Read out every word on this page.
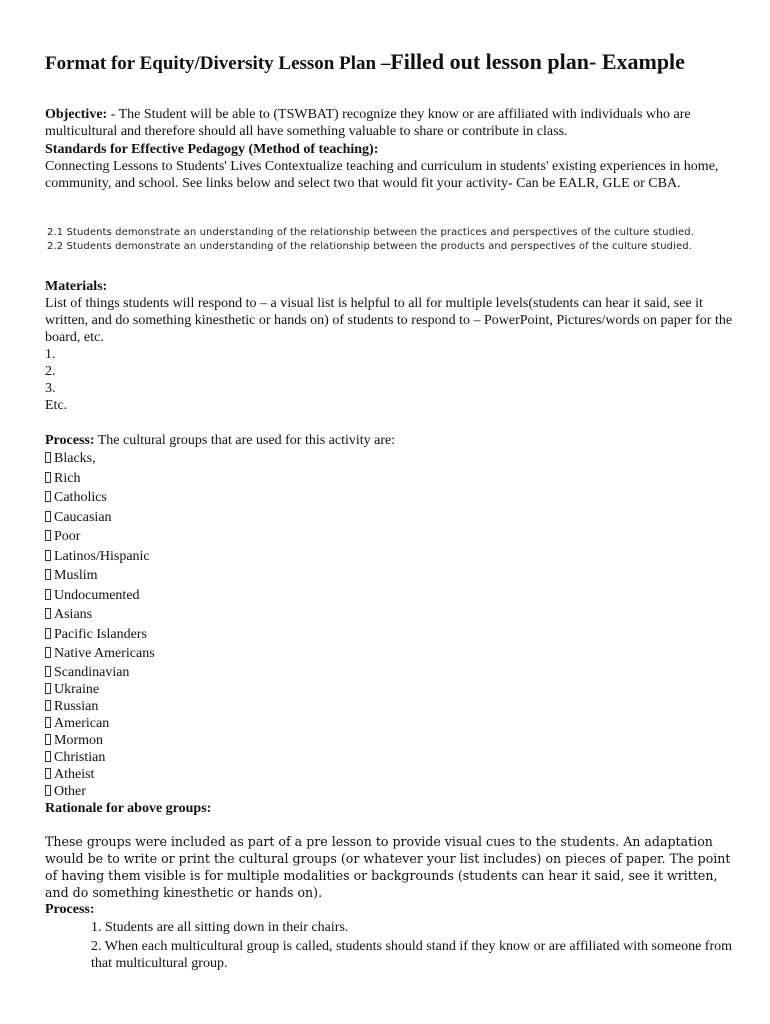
Format for Equity/Diversity Lesson Plan –Filled out lesson plan- Example
Objective: - The Student will be able to (TSWBAT) recognize they know or are affiliated with individuals who are multicultural and therefore should all have something valuable to share or contribute in class.
Standards for Effective Pedagogy (Method of teaching):
Connecting Lessons to Students' Lives Contextualize teaching and curriculum in students' existing experiences in home, community, and school. See links below and select two that would fit your activity- Can be EALR, GLE or CBA.
2.1 Students demonstrate an understanding of the relationship between the practices and perspectives of the culture studied.
2.2 Students demonstrate an understanding of the relationship between the products and perspectives of the culture studied.
Materials:
List of things students will respond to – a visual list is helpful to all for multiple levels(students can hear it said, see it written, and do something kinesthetic or hands on) of students to respond to – PowerPoint, Pictures/words on paper for the board, etc.
1.
2.
3.
Etc.
Process: The cultural groups that are used for this activity are:
Blacks,
Rich
Catholics
Caucasian
Poor
Latinos/Hispanic
Muslim
Undocumented
Asians
Pacific Islanders
Native Americans
Scandinavian
Ukraine
Russian
American
Mormon
Christian
Atheist
Other
Rationale for above groups:
These groups were included as part of a pre lesson to provide visual cues to the students. An adaptation would be to write or print the cultural groups (or whatever your list includes) on pieces of paper. The point of having them visible is for multiple modalities or backgrounds (students can hear it said, see it written, and do something kinesthetic or hands on).
Process:
1. Students are all sitting down in their chairs.
2. When each multicultural group is called, students should stand if they know or are affiliated with someone from that multicultural group.
